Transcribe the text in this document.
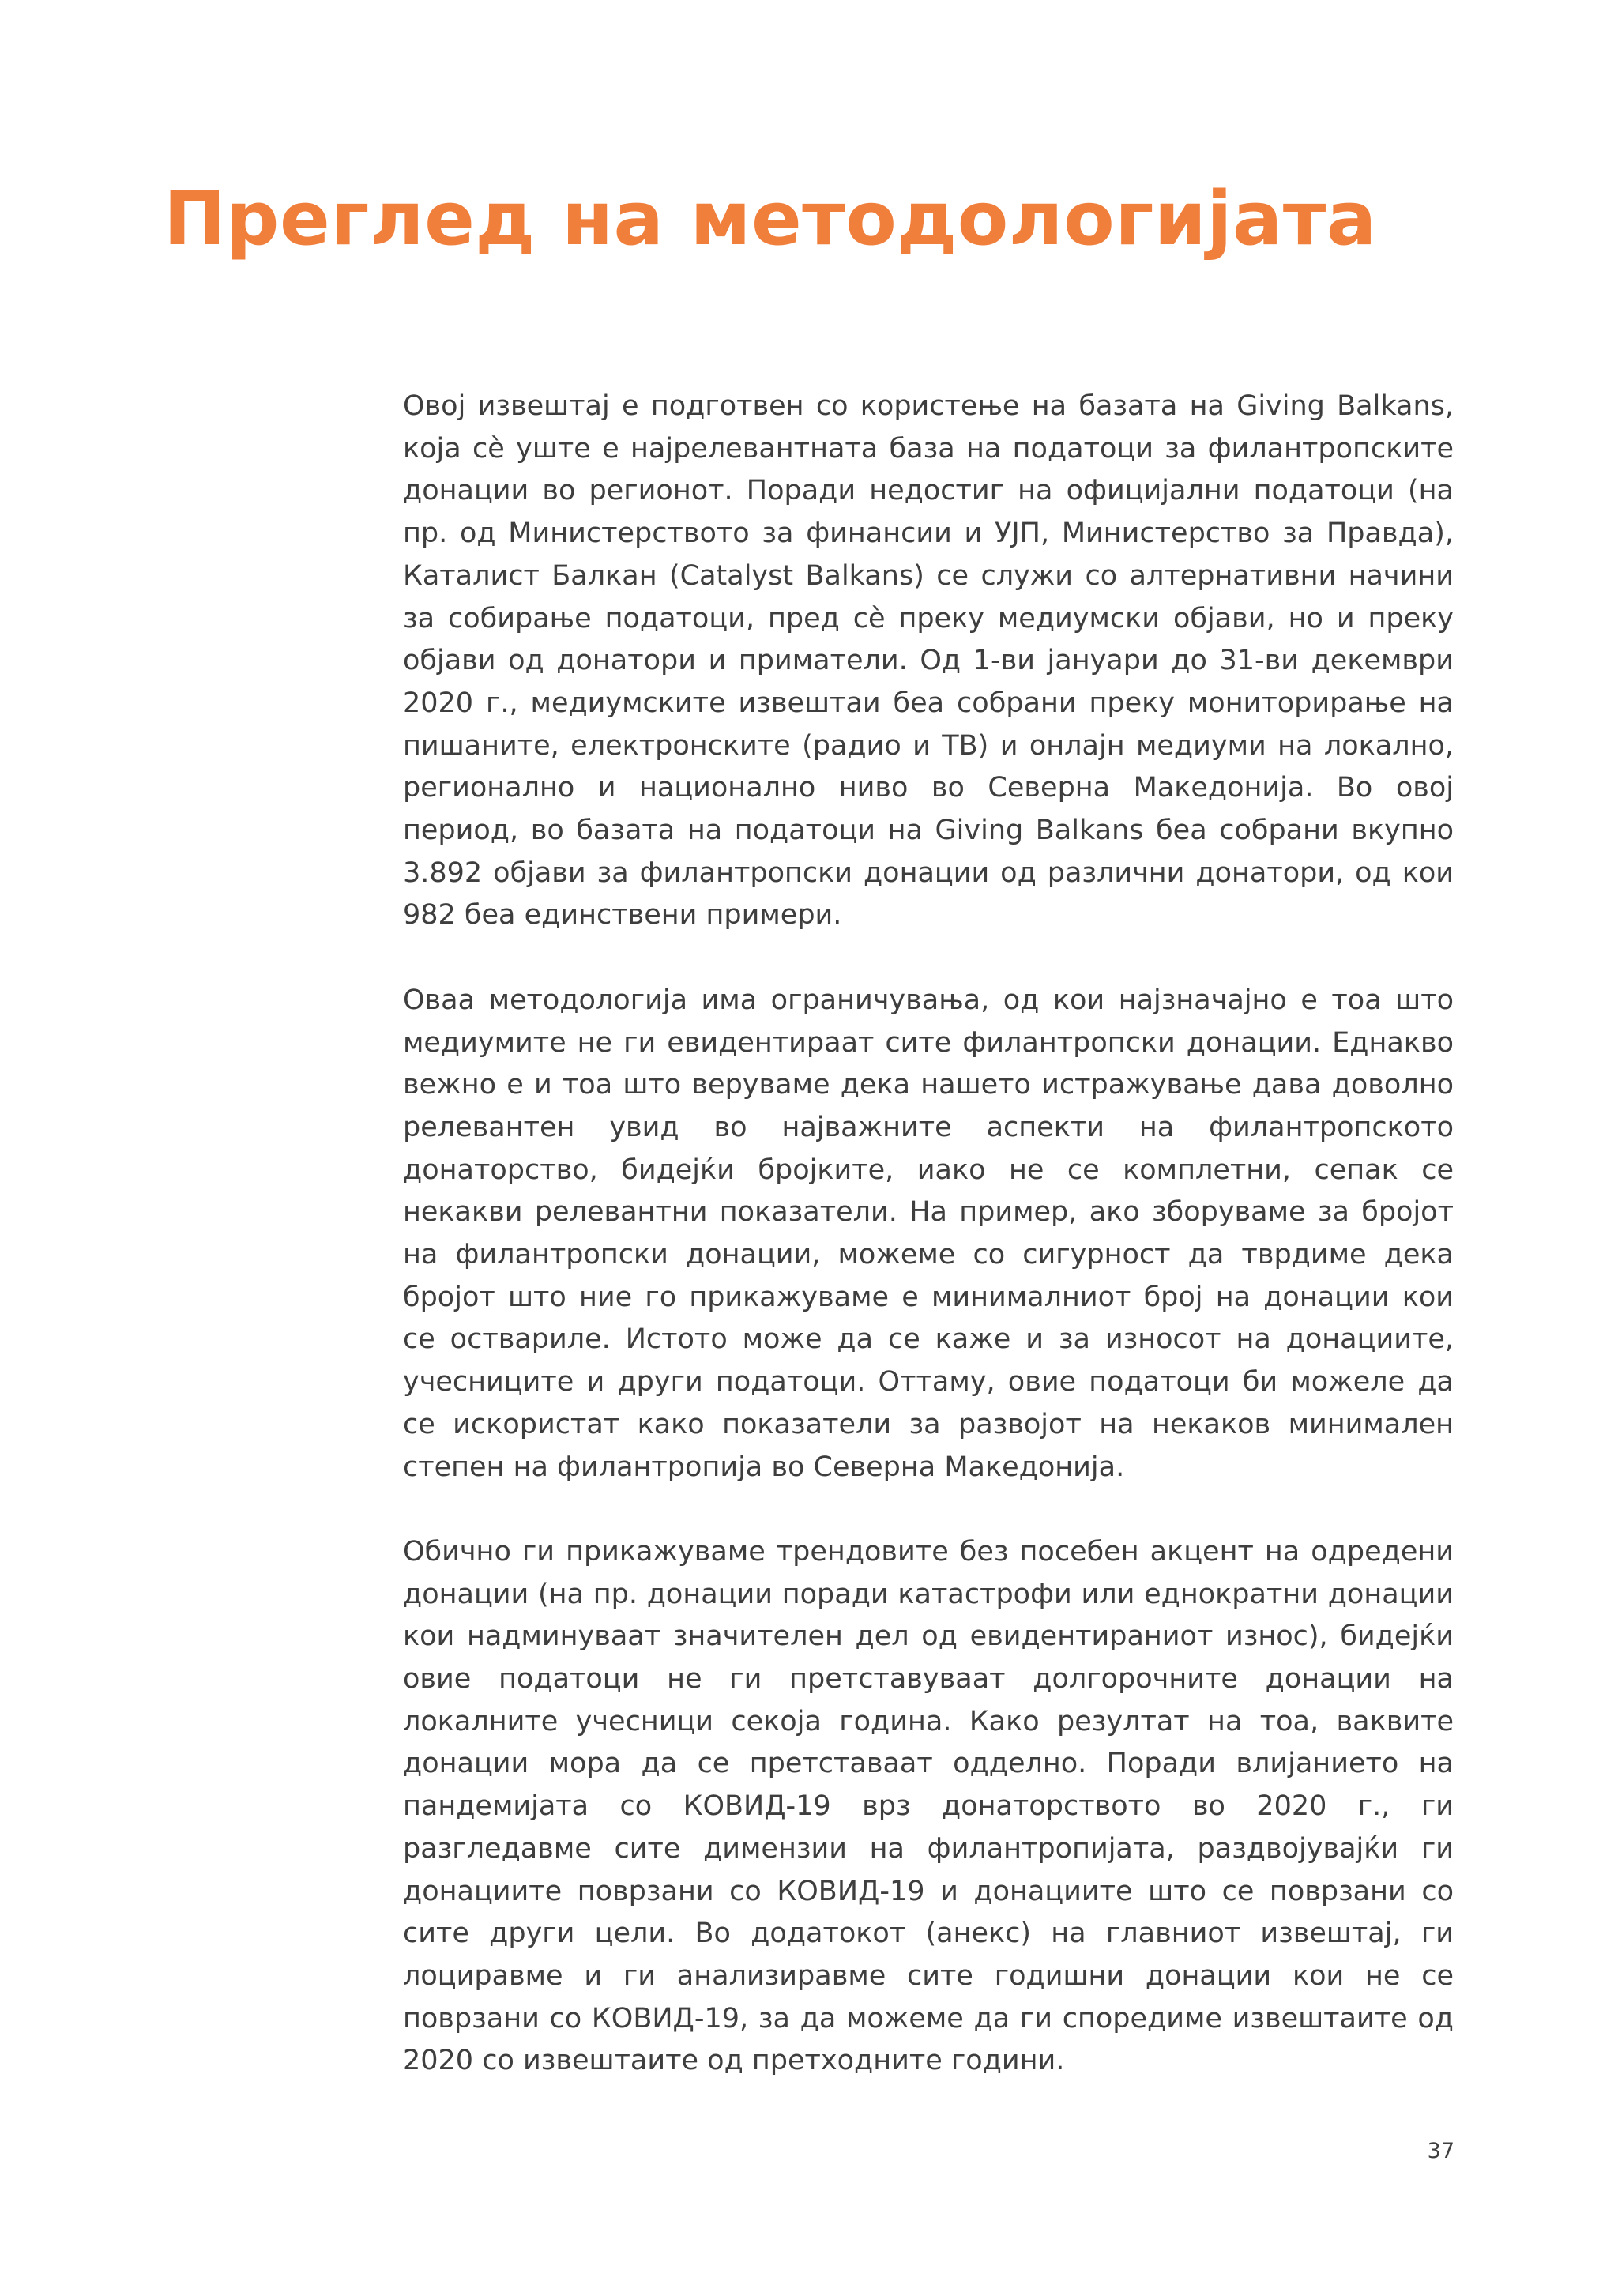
Преглед на методологијата

Овој извештај е подготвен со користење на базата на Giving Balkans, која сè уште е најрелевантната база на податоци за филантропските донации во регионот. Поради недостиг на официјални податоци (на пр. од Министерството за финансии и УЈП, Министерство за Правда), Каталист Балкан (Catalyst Balkans) се служи со алтернативни начини за собирање податоци, пред сè преку медиумски објави, но и преку објави од донатори и приматели. Од 1-ви јануари до 31-ви декември 2020 г., медиумските извештаи беа собрани преку мониторирање на пишаните, електронските (радио и ТВ) и онлајн медиуми на локално, регионално и национално ниво во Северна Македонија. Во овој период, во базата на податоци на Giving Balkans беа собрани вкупно 3.892 објави за филантропски донации од различни донатори, од кои 982 беа единствени примери.

Оваа методологија има ограничувања, од кои најзначајно е тоа што медиумите не ги евидентираат сите филантропски донации. Еднакво вежно е и тоа што веруваме дека нашето истражување дава доволно релевантен увид во најважните аспекти на филантропското донаторство, бидејќи бројките, иако не се комплетни, сепак се некакви релевантни показатели. На пример, ако зборуваме за бројот на филантропски донации, можеме со сигурност да тврдиме дека бројот што ние го прикажуваме е минималниот број на донации кои се оствариле. Истото може да се каже и за износот на донациите, учесниците и други податоци. Оттаму, овие податоци би можеле да се искористат како показатели за развојот на некаков минимален степен на филантропија во Северна Македонија.

Обично ги прикажуваме трендовите без посебен акцент на одредени донации (на пр. донации поради катастрофи или еднократни донации кои надминуваат значителен дел од евидентираниот износ), бидејќи овие податоци не ги претставуваат долгорочните донации на локалните учесници секоја година. Како резултат на тоа, ваквите донации мора да се претставаат одделно. Поради влијанието на пандемијата со КОВИД-19 врз донаторството во 2020 г., ги разгледавме сите димензии на филантропијата, раздвојувајќи ги донациите поврзани со КОВИД-19 и донациите што се поврзани со сите други цели. Во додатокот (анекс) на главниот извештај, ги лоциравме и ги анализиравме сите годишни донации кои не се поврзани со КОВИД-19, за да можеме да ги споредиме извештаите од 2020 со извештаите од претходните години.

37
